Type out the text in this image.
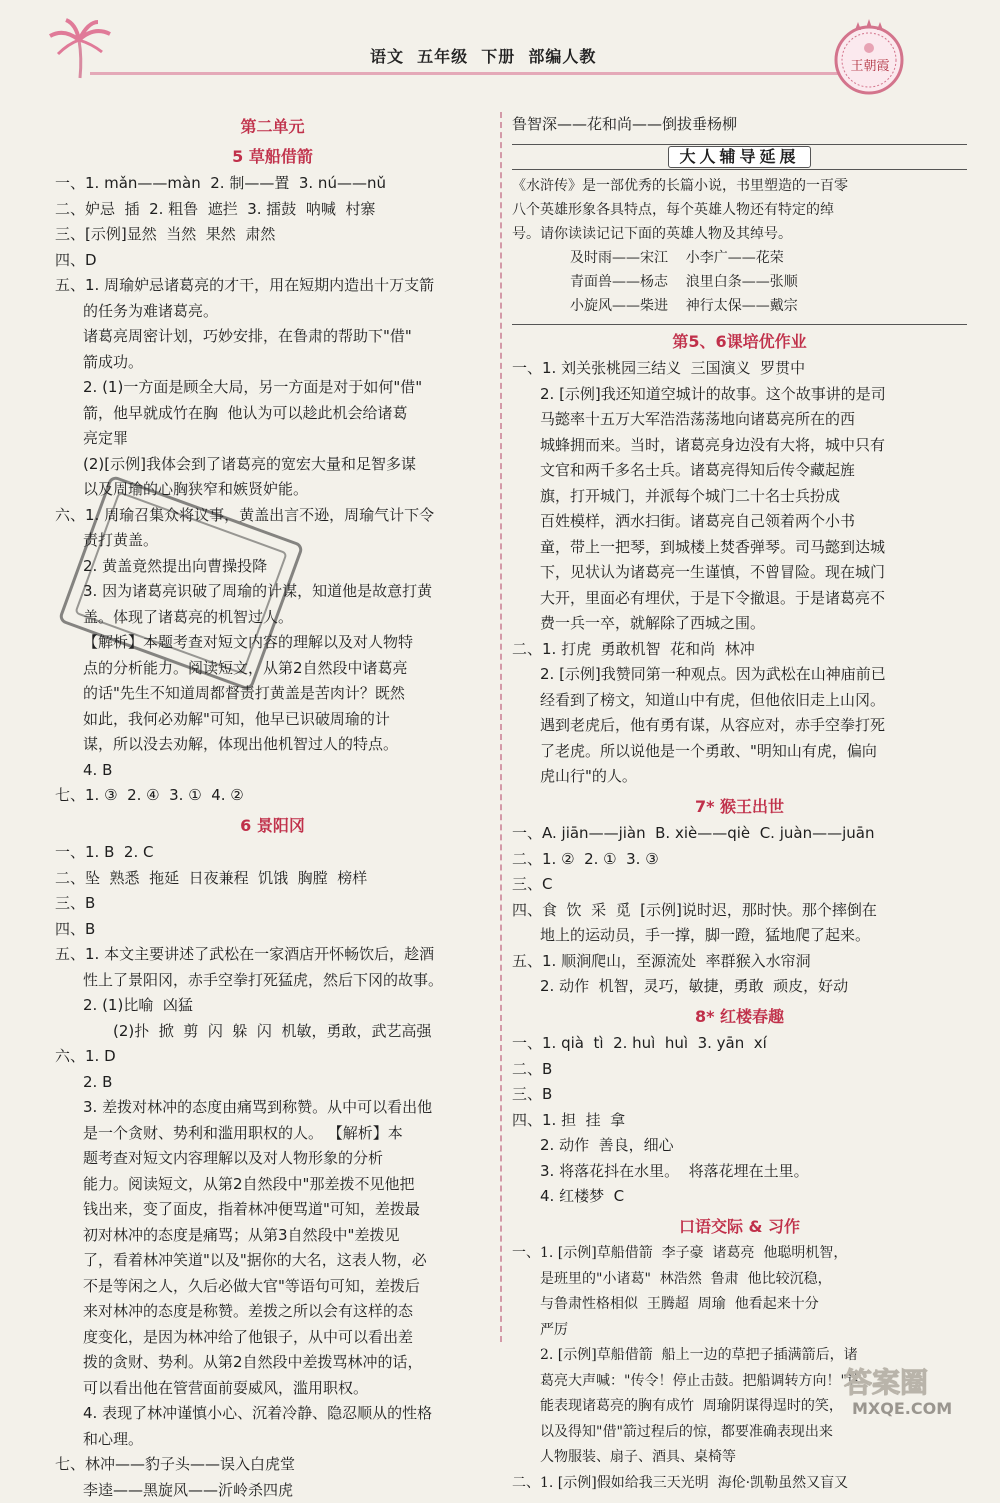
语文  五年级  下册  部编人教
王朝霞
第二单元
5 草船借箭
一、1. mǎn——màn  2. 制——置  3. nú——nǔ
二、妒忌  插  2. 粗鲁  遮拦  3. 擂鼓  呐喊  村寨
三、[示例]显然  当然  果然  肃然
四、D
五、1. 周瑜妒忌诸葛亮的才干，用在短期内造出十万支箭
的任务为难诸葛亮。
诸葛亮周密计划，巧妙安排，在鲁肃的帮助下"借"
箭成功。
2. (1)一方面是顾全大局，另一方面是对于如何"借"
箭，他早就成竹在胸  他认为可以趁此机会给诸葛
亮定罪
(2)[示例]我体会到了诸葛亮的宽宏大量和足智多谋
以及周瑜的心胸狭窄和嫉贤妒能。
六、1. 周瑜召集众将议事，黄盖出言不逊，周瑜气计下令
责打黄盖。
2. 黄盖竟然提出向曹操投降
3. 因为诸葛亮识破了周瑜的计谋，知道他是故意打黄
盖。体现了诸葛亮的机智过人。
【解析】本题考查对短文内容的理解以及对人物特
点的分析能力。阅读短文，从第2自然段中诸葛亮
的话"先生不知道周都督责打黄盖是苦肉计？既然
如此，我何必劝解"可知，他早已识破周瑜的计
谋，所以没去劝解，体现出他机智过人的特点。
4. B
七、1. ③  2. ④  3. ①  4. ②
6 景阳冈
一、1. B  2. C
二、坠  熟悉  拖延  日夜兼程  饥饿  胸膛  榜样
三、B
四、B
五、1. 本文主要讲述了武松在一家酒店开怀畅饮后，趁酒
性上了景阳冈，赤手空拳打死猛虎，然后下冈的故事。
2. (1)比喻  凶猛
(2)扑  掀  剪  闪  躲  闪  机敏，勇敢，武艺高强
六、1. D
2. B
3. 差拨对林冲的态度由痛骂到称赞。从中可以看出他
是一个贪财、势利和滥用职权的人。 【解析】本
题考查对短文内容理解以及对人物形象的分析
能力。阅读短文，从第2自然段中"那差拨不见他把
钱出来，变了面皮，指着林冲便骂道"可知，差拨最
初对林冲的态度是痛骂；从第3自然段中"差拨见
了，看着林冲笑道"以及"据你的大名，这表人物，必
不是等闲之人，久后必做大官"等语句可知，差拨后
来对林冲的态度是称赞。差拨之所以会有这样的态
度变化，是因为林冲给了他银子，从中可以看出差
拨的贪财、势利。从第2自然段中差拨骂林冲的话，
可以看出他在管营面前耍威风，滥用职权。
4. 表现了林冲谨慎小心、沉着冷静、隐忍顺从的性格
和心理。
七、林冲——豹子头——误入白虎堂
李逵——黑旋风——沂岭杀四虎
鲁智深——花和尚——倒拔垂杨柳
大人辅导延展
《水浒传》是一部优秀的长篇小说，书里塑造的一百零
八个英雄形象各具特点，每个英雄人物还有特定的绰
号。请你读读记记下面的英雄人物及其绰号。
及时雨——宋江    小李广——花荣
青面兽——杨志    浪里白条——张顺
小旋风——柴进    神行太保——戴宗
第5、6课培优作业
一、1. 刘关张桃园三结义  三国演义  罗贯中
2. [示例]我还知道空城计的故事。这个故事讲的是司
马懿率十五万大军浩浩荡荡地向诸葛亮所在的西
城蜂拥而来。当时，诸葛亮身边没有大将，城中只有
文官和两千多名士兵。诸葛亮得知后传令藏起旌
旗，打开城门，并派每个城门二十名士兵扮成
百姓模样，洒水扫街。诸葛亮自己领着两个小书
童，带上一把琴，到城楼上焚香弹琴。司马懿到达城
下，见状认为诸葛亮一生谨慎，不曾冒险。现在城门
大开，里面必有埋伏，于是下令撤退。于是诸葛亮不
费一兵一卒，就解除了西城之围。
二、1. 打虎  勇敢机智  花和尚  林冲
2. [示例]我赞同第一种观点。因为武松在山神庙前已
经看到了榜文，知道山中有虎，但他依旧走上山冈。
遇到老虎后，他有勇有谋，从容应对，赤手空拳打死
了老虎。所以说他是一个勇敢、"明知山有虎，偏向
虎山行"的人。
7* 猴王出世
一、A. jiān——jiàn  B. xiè——qiè  C. juàn——juān
二、1. ②  2. ①  3. ③
三、C
四、食  饮  采  觅  [示例]说时迟，那时快。那个摔倒在
地上的运动员，手一撑，脚一蹬，猛地爬了起来。
五、1. 顺涧爬山，至源流处  率群猴入水帘洞
2. 动作  机智，灵巧，敏捷，勇敢  顽皮，好动
8* 红楼春趣
一、1. qià  tì  2. huì  huì  3. yān  xí
二、B
三、B
四、1. 担  挂  拿
2. 动作  善良，细心
3. 将落花抖在水里。  将落花埋在土里。
4. 红楼梦  C
口语交际 & 习作
一、1. [示例]草船借箭  李子豪  诸葛亮  他聪明机智，
是班里的"小诸葛"  林浩然  鲁肃  他比较沉稳，
与鲁肃性格相似  王腾超  周瑜  他看起来十分
严厉
2. [示例]草船借箭  船上一边的草把子插满箭后，诸
葛亮大声喊："传令！停止击鼓。把船调转方向！"这
能表现诸葛亮的胸有成竹  周瑜阴谋得逞时的笑，
以及得知"借"箭过程后的惊，都要准确表现出来
人物服装、扇子、酒具、桌椅等
二、1. [示例]假如给我三天光明  海伦·凯勒虽然又盲又
答案圈
MXQE.COM
